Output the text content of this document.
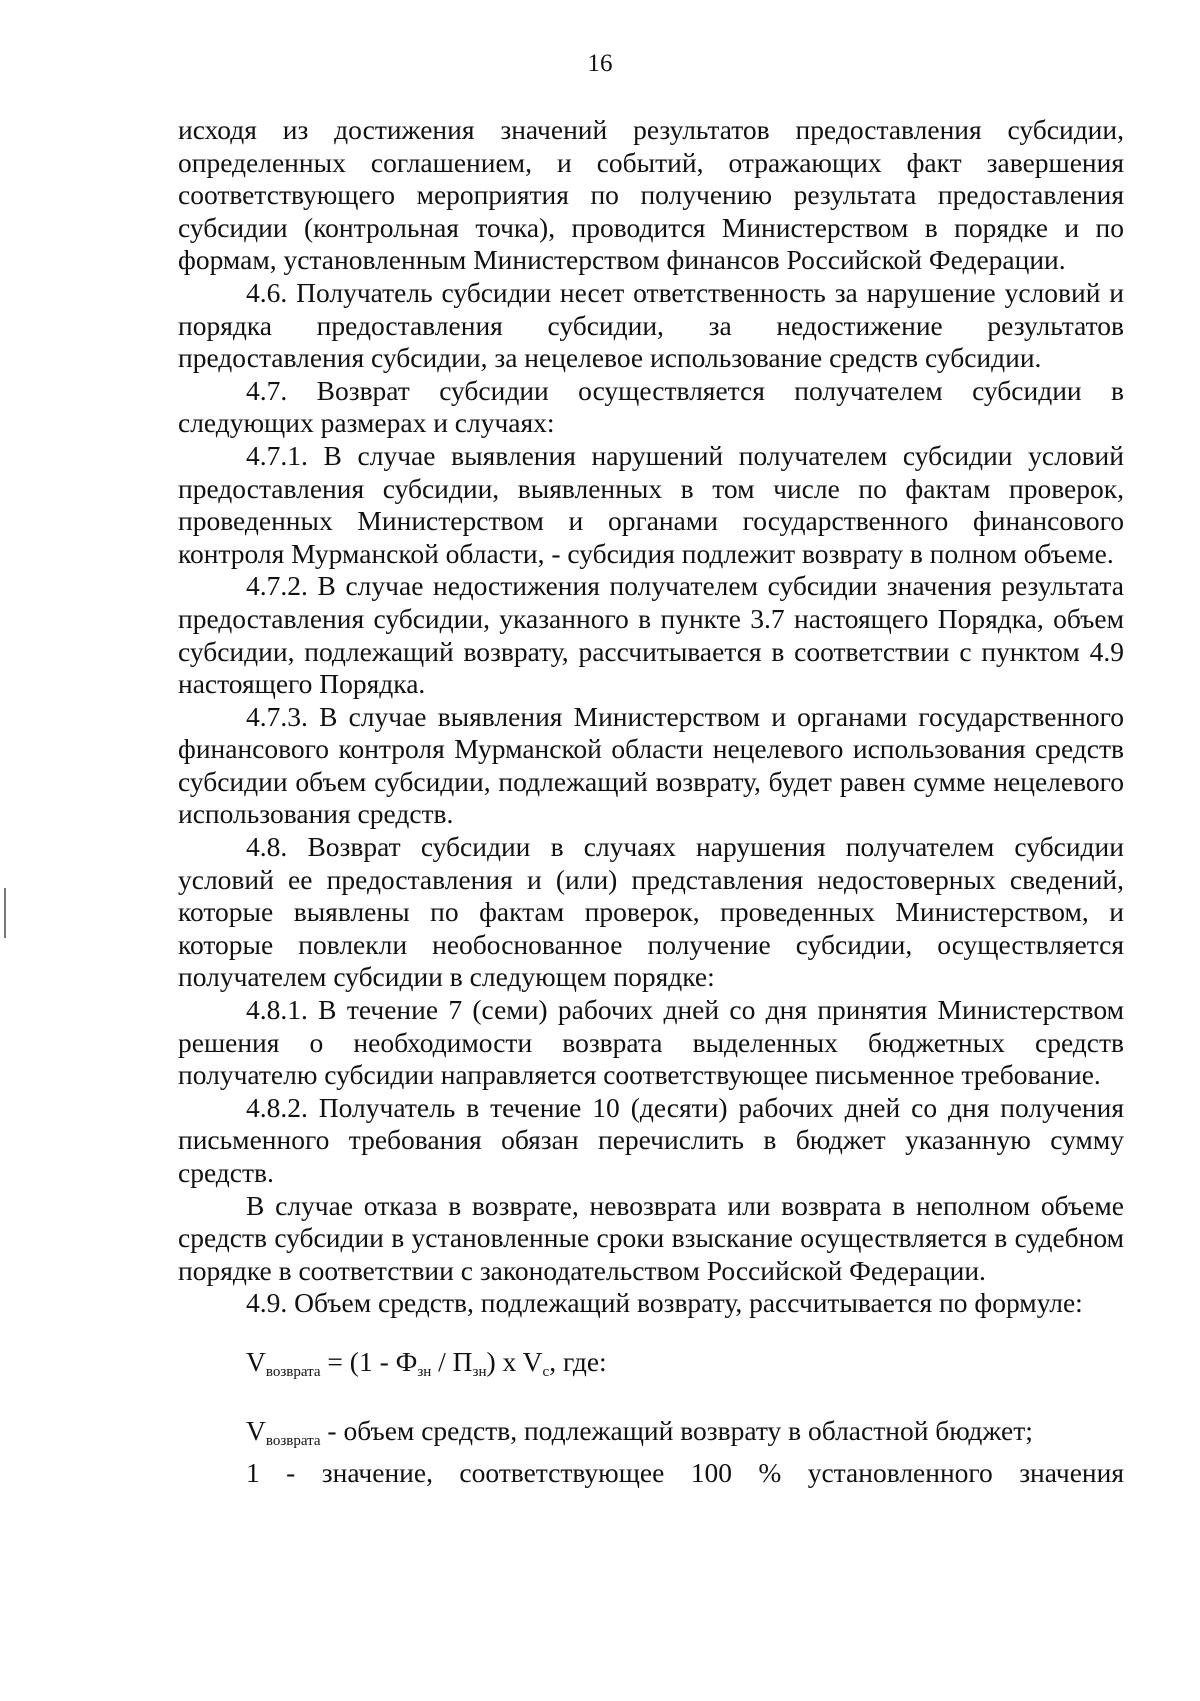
16

исходя из достижения значений результатов предоставления субсидии, определенных соглашением, и событий, отражающих факт завершения соответствующего мероприятия по получению результата предоставления субсидии (контрольная точка), проводится Министерством в порядке и по формам, установленным Министерством финансов Российской Федерации.

4.6. Получатель субсидии несет ответственность за нарушение условий и порядка предоставления субсидии, за недостижение результатов предоставления субсидии, за нецелевое использование средств субсидии.

4.7. Возврат субсидии осуществляется получателем субсидии в следующих размерах и случаях:

4.7.1. В случае выявления нарушений получателем субсидии условий предоставления субсидии, выявленных в том числе по фактам проверок, проведенных Министерством и органами государственного финансового контроля Мурманской области, - субсидия подлежит возврату в полном объеме.

4.7.2. В случае недостижения получателем субсидии значения результата предоставления субсидии, указанного в пункте 3.7 настоящего Порядка, объем субсидии, подлежащий возврату, рассчитывается в соответствии с пунктом 4.9 настоящего Порядка.

4.7.3. В случае выявления Министерством и органами государственного финансового контроля Мурманской области нецелевого использования средств субсидии объем субсидии, подлежащий возврату, будет равен сумме нецелевого использования средств.

4.8. Возврат субсидии в случаях нарушения получателем субсидии условий ее предоставления и (или) представления недостоверных сведений, которые выявлены по фактам проверок, проведенных Министерством, и которые повлекли необоснованное получение субсидии, осуществляется получателем субсидии в следующем порядке:

4.8.1. В течение 7 (семи) рабочих дней со дня принятия Министерством решения о необходимости возврата выделенных бюджетных средств получателю субсидии направляется соответствующее письменное требование.

4.8.2. Получатель в течение 10 (десяти) рабочих дней со дня получения письменного требования обязан перечислить в бюджет указанную сумму средств.

В случае отказа в возврате, невозврата или возврата в неполном объеме средств субсидии в установленные сроки взыскание осуществляется в судебном порядке в соответствии с законодательством Российской Федерации.

4.9. Объем средств, подлежащий возврату, рассчитывается по формуле:

$V_{возврата} = (1 - Ф_{зн} / П_{зн})$ x $V_с$, где:

$V_{возврата}$ - объем средств, подлежащий возврату в областной бюджет;

1 - значение, соответствующее 100 % установленного значения
